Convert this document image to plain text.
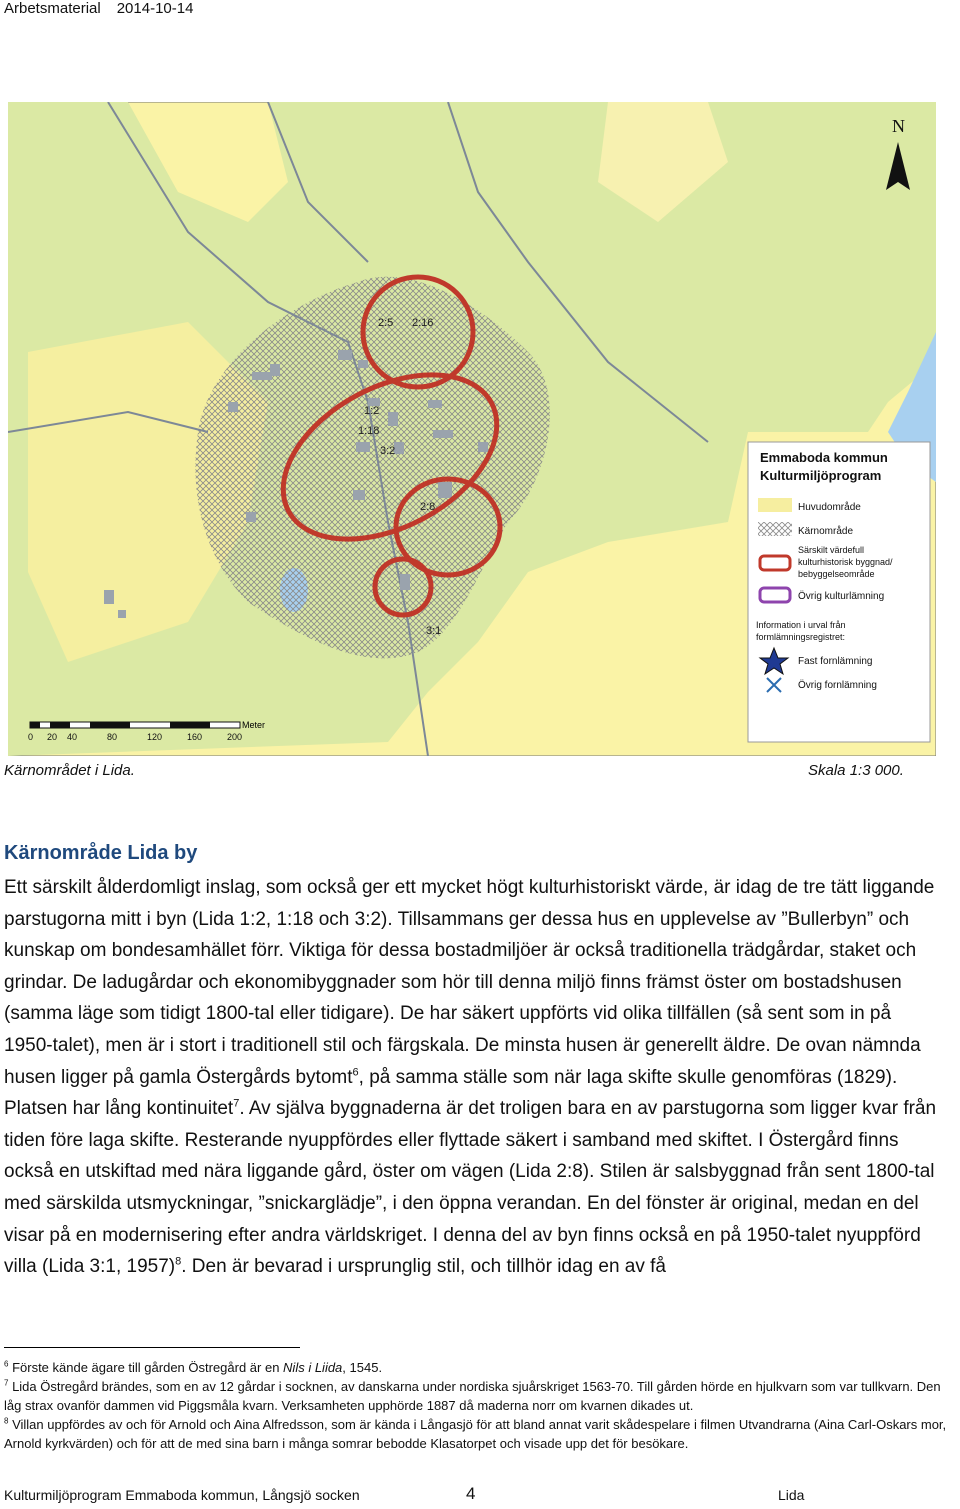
Arbetsmaterial 2014-10-14
2:5 2:16
1:2
1:18
3:2
2:8
3:1
N
Meter
0 20 40	80	120	160	200
Emmaboda kommun
Kulturmiljöprogram
Huvudområde
Kärnområde
Särskilt värdefull
kulturhistorisk byggnad/
bebyggelseområde
Övrig kulturlämning
Information i urval från
formlämningsregistret:
Fast fornlämning
Övrig fornlämning
Kärnområdet i Lida.	Skala 1:3 000.
Kärnområde Lida by
Ett särskilt ålderdomligt inslag, som också ger ett mycket högt kulturhistoriskt värde, är idag de tre tätt liggande parstugorna mitt i byn (Lida 1:2, 1:18 och 3:2). Tillsammans ger dessa hus en upplevelse av ”Bullerbyn” och kunskap om bondesamhället förr. Viktiga för dessa bostadmiljöer är också traditionella trädgårdar, staket och grindar. De ladugårdar och ekonomibyggnader som hör till denna miljö finns främst öster om bostadshusen (samma läge som tidigt 1800-tal eller tidigare). De har säkert uppförts vid olika tillfällen (så sent som in på 1950-talet), men är i stort i traditionell stil och färgskala. De minsta husen är generellt äldre. De ovan nämnda husen ligger på gamla Östergårds bytomt$^6$, på samma ställe som när laga skifte skulle genomföras (1829). Platsen har lång kontinuitet$^7$. Av själva byggnaderna är det troligen bara en av parstugorna som ligger kvar från tiden före laga skifte. Resterande nyuppfördes eller flyttade säkert i samband med skiftet. I Östergård finns också en utskiftad med nära liggande gård, öster om vägen (Lida 2:8). Stilen är salsbyggnad från sent 1800-tal med särskilda utsmyckningar, ”snickarglädje”, i den öppna verandan. En del fönster är original, medan en del visar på en modernisering efter andra världskriget. I denna del av byn finns också en på 1950-talet nyuppförd villa (Lida 3:1, 1957)$^8$. Den är bevarad i ursprunglig stil, och tillhör idag en av få

$^6$ Förste kände ägare till gården Östregård är en Nils i Liida, 1545.

$^7$ Lida Östregård brändes, som en av 12 gårdar i socknen, av danskarna under nordiska sjuårskriget 1563-70. Till gården hörde en hjulkvarn som var tullkvarn. Den låg strax ovanför dammen vid Piggsmåla kvarn. Verksamheten upphörde 1887 då maderna norr om kvarnen dikades ut.

$^8$ Villan uppfördes av och för Arnold och Aina Alfredsson, som är kända i Långasjö för att bland annat varit skådespelare i filmen Utvandrarna (Aina Carl-Oskars mor, Arnold kyrkvärden) och för att de med sina barn i många somrar bebodde Klasatorpet och visade upp det för besökare.

Kulturmiljöprogram Emmaboda kommun, Långsjö socken	4	Lida
